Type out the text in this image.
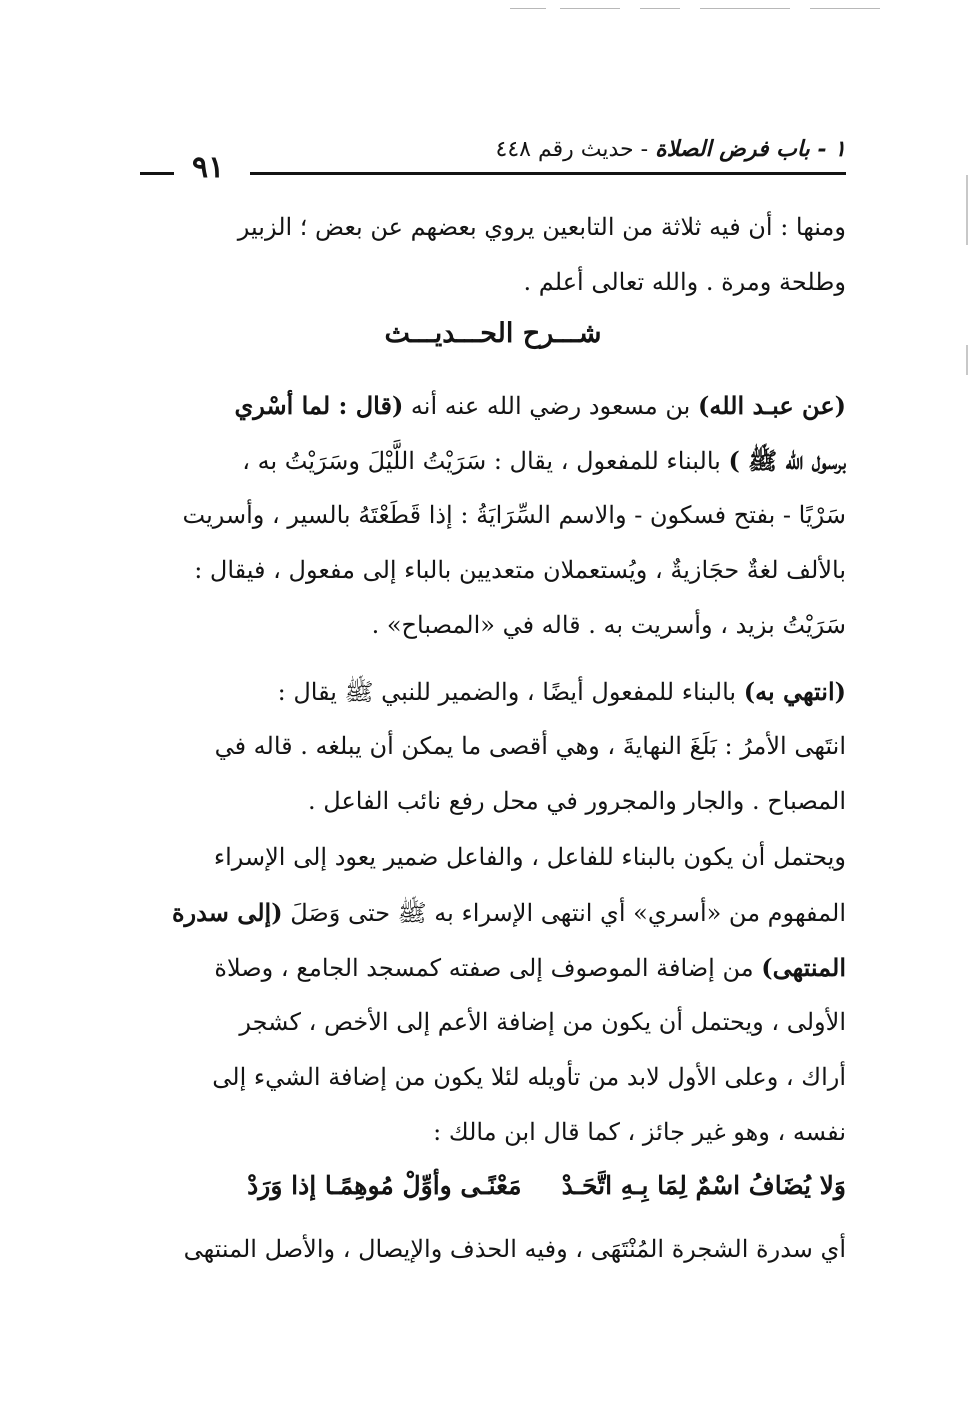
١ - باب فرض الصلاة - حديث رقم ٤٤٨
٩١
ومنها : أن فيه ثلاثة من التابعين يروي بعضهم عن بعض ؛ الزبير
وطلحة ومرة . والله تعالى أعلم .
شـــرح الحـــديـــث
(عن عبـد الله) بن مسعود رضي الله عنه أنه (قال : لما أسْري
برسول الله ﷺ ) بالبناء للمفعول ، يقال : سَرَيْتُ اللَّيْلَ وسَرَيْتُ به ،
سَرْيًا - بفتح فسكون - والاسم السِّرَايَةُ : إذا قَطَعْتَهُ بالسير ، وأسريت
بالألف لغةٌ حجَازيةٌ ، ويُستعملان متعديين بالباء إلى مفعول ، فيقال :
سَرَيْتُ بزيد ، وأسريت به . قاله في «المصباح» .
(انتهي به) بالبناء للمفعول أيضًا ، والضمير للنبي ﷺ يقال :
انتَهى الأمرُ : بَلَغَ النهايةَ ، وهي أقصى ما يمكن أن يبلغه . قاله في
المصباح . والجار والمجرور في محل رفع نائب الفاعل .
ويحتمل أن يكون بالبناء للفاعل ، والفاعل ضمير يعود إلى الإسراء
المفهوم من «أسري» أي انتهى الإسراء به ﷺ حتى وَصَلَ (إلى سدرة
المنتهى) من إضافة الموصوف إلى صفته كمسجد الجامع ، وصلاة
الأولى ، ويحتمل أن يكون من إضافة الأعم إلى الأخص ، كشجر
أراك ، وعلى الأول لابد من تأويله لئلا يكون من إضافة الشيء إلى
نفسه ، وهو غير جائز ، كما قال ابن مالك :
وَلا يُضَافُ اسْمٌ لِمَا بِـهِ اتَّحَـدْمَعْنًـى وأوِّلْ مُوهِمًـا إذا وَرَدْ
أي سدرة الشجرة المُنْتَهَى ، وفيه الحذف والإيصال ، والأصل المنتهى
